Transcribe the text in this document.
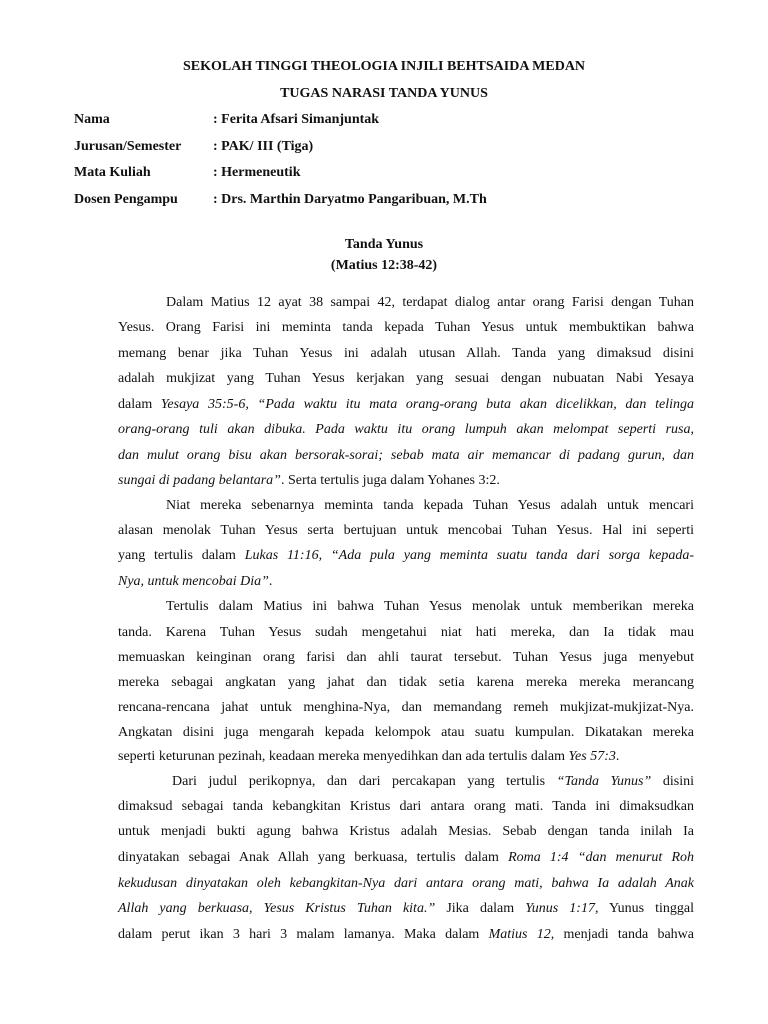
SEKOLAH TINGGI THEOLOGIA INJILI BEHTSAIDA MEDAN
TUGAS NARASI TANDA YUNUS
Nama	: Ferita Afsari Simanjuntak
Jurusan/Semester : PAK/ III (Tiga)
Mata Kuliah	: Hermeneutik
Dosen Pengampu	: Drs. Marthin Daryatmo Pangaribuan, M.Th
Tanda Yunus
(Matius 12:38-42)
Dalam Matius 12 ayat 38 sampai 42, terdapat dialog antar orang Farisi dengan Tuhan
Yesus. Orang Farisi ini meminta tanda kepada Tuhan Yesus untuk membuktikan bahwa
memang benar jika Tuhan Yesus ini adalah utusan Allah. Tanda yang dimaksud disini
adalah mukjizat yang Tuhan Yesus kerjakan yang sesuai dengan nubuatan Nabi Yesaya
dalam Yesaya 35:5-6, “Pada waktu itu mata orang-orang buta akan dicelikkan, dan telinga
orang-orang tuli akan dibuka. Pada waktu itu orang lumpuh akan melompat seperti rusa,
dan mulut orang bisu akan bersorak-sorai; sebab mata air memancar di padang gurun, dan
sungai di padang belantara”. Serta tertulis juga dalam Yohanes 3:2.
Niat mereka sebenarnya meminta tanda kepada Tuhan Yesus adalah untuk mencari
alasan menolak Tuhan Yesus serta bertujuan untuk mencobai Tuhan Yesus. Hal ini seperti
yang tertulis dalam Lukas 11:16, “Ada pula yang meminta suatu tanda dari sorga kepada-
Nya, untuk mencobai Dia”.
Tertulis dalam Matius ini bahwa Tuhan Yesus menolak untuk memberikan mereka
tanda. Karena Tuhan Yesus sudah mengetahui niat hati mereka, dan Ia tidak mau
memuaskan keinginan orang farisi dan ahli taurat tersebut. Tuhan Yesus juga menyebut
mereka sebagai angkatan yang jahat dan tidak setia karena mereka mereka merancang
rencana-rencana jahat untuk menghina-Nya, dan memandang remeh mukjizat-mukjizat-Nya.
Angkatan disini juga mengarah kepada kelompok atau suatu kumpulan. Dikatakan mereka
seperti keturunan pezinah, keadaan mereka menyedihkan dan ada tertulis dalam Yes 57:3.
Dari judul perikopnya, dan dari percakapan yang tertulis “Tanda Yunus” disini
dimaksud sebagai tanda kebangkitan Kristus dari antara orang mati. Tanda ini dimaksudkan
untuk menjadi bukti agung bahwa Kristus adalah Mesias. Sebab dengan tanda inilah Ia
dinyatakan sebagai Anak Allah yang berkuasa, tertulis dalam Roma 1:4 “dan menurut Roh
kekudusan dinyatakan oleh kebangkitan-Nya dari antara orang mati, bahwa Ia adalah Anak
Allah yang berkuasa, Yesus Kristus Tuhan kita.” Jika dalam Yunus 1:17, Yunus tinggal
dalam perut ikan 3 hari 3 malam lamanya. Maka dalam Matius 12, menjadi tanda bahwa
